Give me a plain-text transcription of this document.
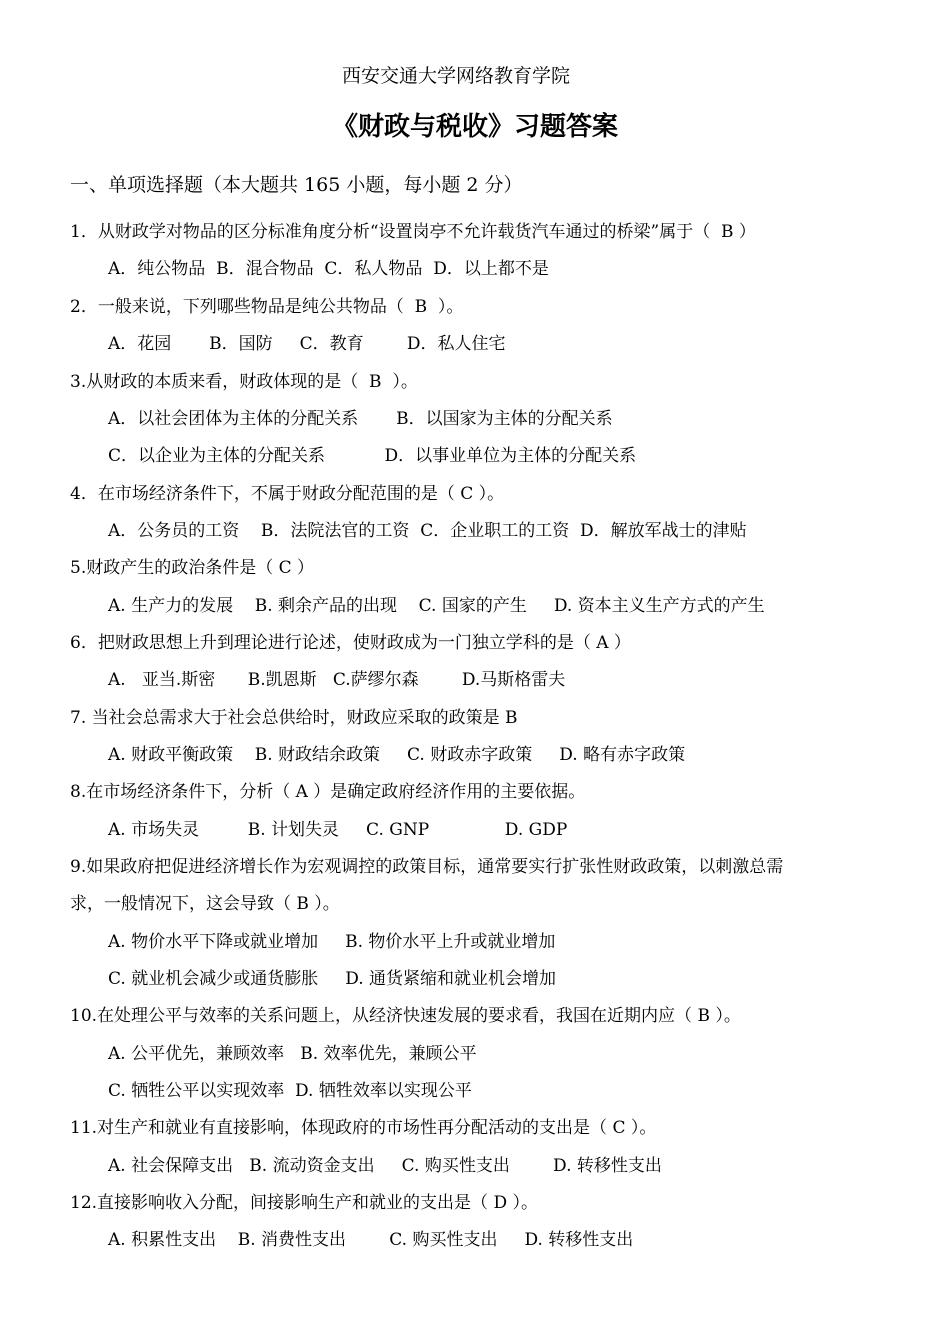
西安交通大学网络教育学院
《财政与税收》习题答案
一、单项选择题（本大题共 165 小题，每小题 2 分）
1．从财政学对物品的区分标准角度分析“设置岗亭不允许载货汽车通过的桥梁”属于（  B ）
A．纯公物品  B．混合物品  C．私人物品  D．以上都不是
2．一般来说，下列哪些物品是纯公共物品（  B  ）。
A．花园       B．国防     C．教育        D．私人住宅
3.从财政的本质来看，财政体现的是（  B  ）。
A．以社会团体为主体的分配关系       B．以国家为主体的分配关系
C．以企业为主体的分配关系           D．以事业单位为主体的分配关系
4．在市场经济条件下，不属于财政分配范围的是（ C ）。
A．公务员的工资    B．法院法官的工资  C．企业职工的工资  D．解放军战士的津贴
5.财政产生的政治条件是（ C ）
A. 生产力的发展    B. 剩余产品的出现    C. 国家的产生     D. 资本主义生产方式的产生
6．把财政思想上升到理论进行论述，使财政成为一门独立学科的是（ A ）
A.   亚当.斯密      B.凯恩斯   C.萨缪尔森        D.马斯格雷夫
7. 当社会总需求大于社会总供给时，财政应采取的政策是 B
A. 财政平衡政策    B. 财政结余政策     C. 财政赤字政策     D. 略有赤字政策
8.在市场经济条件下，分析（ A ）是确定政府经济作用的主要依据。
A. 市场失灵         B. 计划失灵     C. GNP              D. GDP
9.如果政府把促进经济增长作为宏观调控的政策目标，通常要实行扩张性财政政策，以刺激总需
求，一般情况下，这会导致（ B ）。
A. 物价水平下降或就业增加     B. 物价水平上升或就业增加
C. 就业机会减少或通货膨胀     D. 通货紧缩和就业机会增加
10.在处理公平与效率的关系问题上，从经济快速发展的要求看，我国在近期内应（ B ）。
A. 公平优先，兼顾效率   B. 效率优先，兼顾公平
C. 牺牲公平以实现效率  D. 牺牲效率以实现公平
11.对生产和就业有直接影响，体现政府的市场性再分配活动的支出是（ C ）。
A. 社会保障支出   B. 流动资金支出     C. 购买性支出        D. 转移性支出
12.直接影响收入分配，间接影响生产和就业的支出是（ D ）。
A. 积累性支出    B. 消费性支出        C. 购买性支出     D. 转移性支出
